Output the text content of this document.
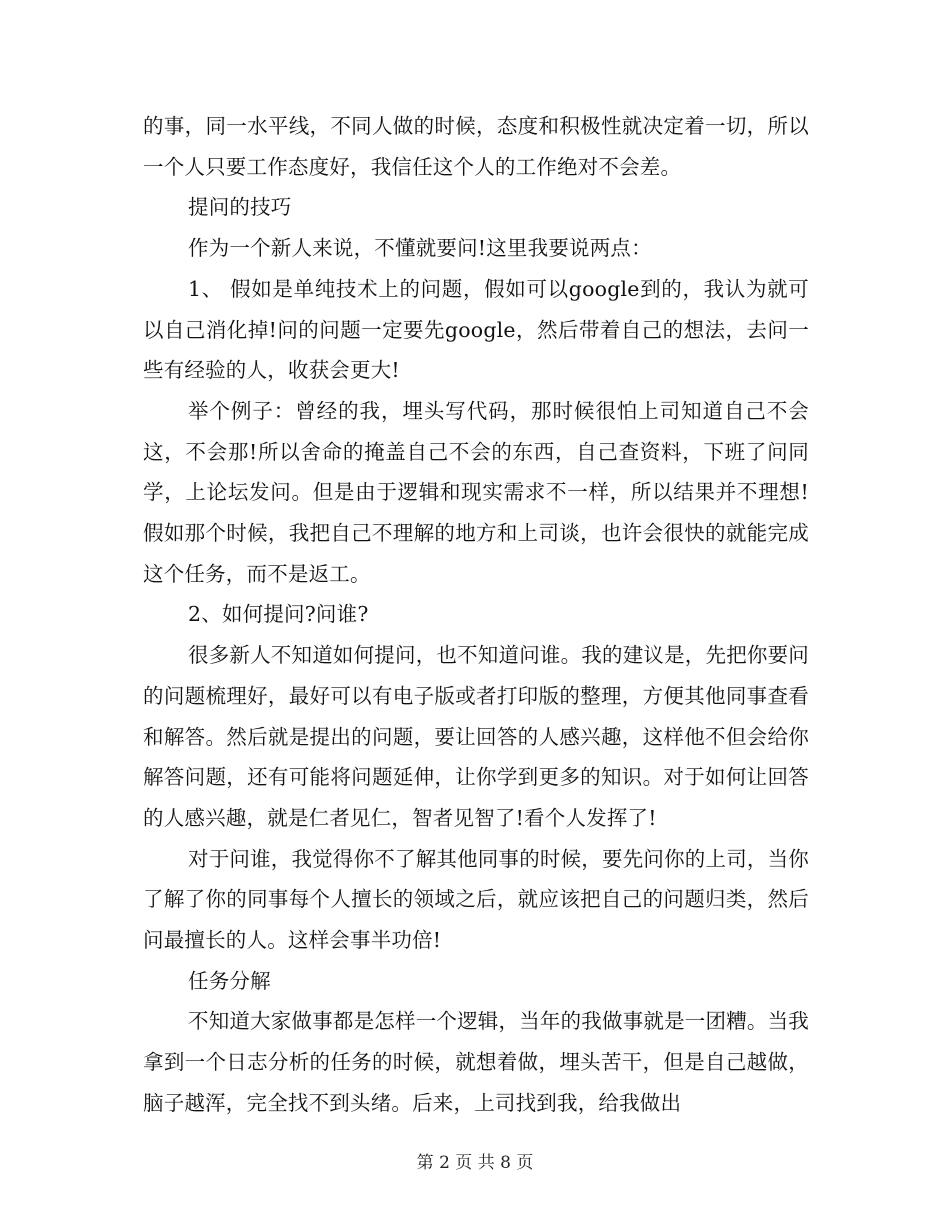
的事，同一水平线，不同人做的时候，态度和积极性就决定着一切，所以一个人只要工作态度好，我信任这个人的工作绝对不会差。

提问的技巧

作为一个新人来说，不懂就要问!这里我要说两点：

1、 假如是单纯技术上的问题，假如可以google到的，我认为就可以自己消化掉!问的问题一定要先google，然后带着自己的想法，去问一些有经验的人，收获会更大!

举个例子：曾经的我，埋头写代码，那时候很怕上司知道自己不会这，不会那!所以舍命的掩盖自己不会的东西，自己查资料，下班了问同学，上论坛发问。但是由于逻辑和现实需求不一样，所以结果并不理想!假如那个时候，我把自己不理解的地方和上司谈，也许会很快的就能完成这个任务，而不是返工。

2、如何提问?问谁?

很多新人不知道如何提问，也不知道问谁。我的建议是，先把你要问的问题梳理好，最好可以有电子版或者打印版的整理，方便其他同事查看和解答。然后就是提出的问题，要让回答的人感兴趣，这样他不但会给你解答问题，还有可能将问题延伸，让你学到更多的知识。对于如何让回答的人感兴趣，就是仁者见仁，智者见智了!看个人发挥了!

对于问谁，我觉得你不了解其他同事的时候，要先问你的上司，当你了解了你的同事每个人擅长的领域之后，就应该把自己的问题归类，然后问最擅长的人。这样会事半功倍!

任务分解

不知道大家做事都是怎样一个逻辑，当年的我做事就是一团糟。当我拿到一个日志分析的任务的时候，就想着做，埋头苦干，但是自己越做，脑子越浑，完全找不到头绪。后来，上司找到我，给我做出

第 2 页 共 8 页
